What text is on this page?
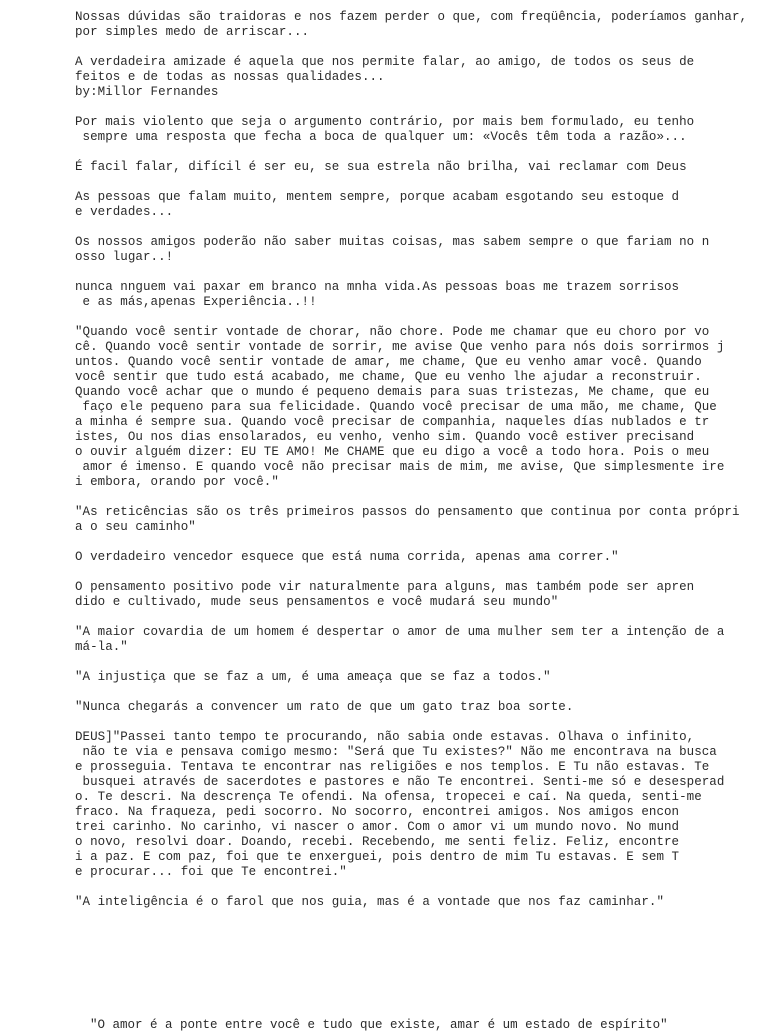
Nossas dúvidas são traidoras e nos fazem perder o que, com freqüência, poderíamos ganhar,
por simples medo de arriscar...
A verdadeira amizade é aquela que nos permite falar, ao amigo, de todos os seus de
feitos e de todas as nossas qualidades...
by:Millor Fernandes
Por mais violento que seja o argumento contrário, por mais bem formulado, eu tenho
sempre uma resposta que fecha a boca de qualquer um: «Vocês têm toda a razão»...
É facil falar, difícil é ser eu, se sua estrela não brilha, vai reclamar com Deus
As pessoas que falam muito, mentem sempre, porque acabam esgotando seu estoque d
e verdades...
Os nossos amigos poderão não saber muitas coisas, mas sabem sempre o que fariam no n
osso lugar..!
nunca nnguem vai paxar em branco na mnha vida.As pessoas boas me trazem sorrisos
e as más,apenas Experiência..!!
"Quando você sentir vontade de chorar, não chore. Pode me chamar que eu choro por vo
cê. Quando você sentir vontade de sorrir, me avise Que venho para nós dois sorrirmos j
untos. Quando você sentir vontade de amar, me chame, Que eu venho amar você. Quando
você sentir que tudo está acabado, me chame, Que eu venho lhe ajudar a reconstruir.
Quando você achar que o mundo é pequeno demais para suas tristezas, Me chame, que eu
faço ele pequeno para sua felicidade. Quando você precisar de uma mão, me chame, Que
a minha é sempre sua. Quando você precisar de companhia, naqueles días nublados e tr
istes, Ou nos dias ensolarados, eu venho, venho sim. Quando você estiver precisand
o ouvir alguém dizer: EU TE AMO! Me CHAME que eu digo a você a todo hora. Pois o meu
amor é imenso. E quando você não precisar mais de mim, me avise, Que simplesmente ire
i embora, orando por você."
"As reticências são os três primeiros passos do pensamento que continua por conta própri
a o seu caminho"
O verdadeiro vencedor esquece que está numa corrida, apenas ama correr."
O pensamento positivo pode vir naturalmente para alguns, mas também pode ser apren
dido e cultivado, mude seus pensamentos e você mudará seu mundo"
"A maior covardia de um homem é despertar o amor de uma mulher sem ter a intenção de a
má-la."
"A injustiça que se faz a um, é uma ameaça que se faz a todos."
"Nunca chegarás a convencer um rato de que um gato traz boa sorte.
DEUS]"Passei tanto tempo te procurando, não sabia onde estavas. Olhava o infinito,
não te via e pensava comigo mesmo: "Será que Tu existes?" Não me encontrava na busca
e prosseguia. Tentava te encontrar nas religiões e nos templos. E Tu não estavas. Te
busquei através de sacerdotes e pastores e não Te encontrei. Senti-me só e desesperad
o. Te descri. Na descrença Te ofendi. Na ofensa, tropecei e caí. Na queda, senti-me
fraco. Na fraqueza, pedi socorro. No socorro, encontrei amigos. Nos amigos encon
trei carinho. No carinho, vi nascer o amor. Com o amor vi um mundo novo. No mund
o novo, resolvi doar. Doando, recebi. Recebendo, me senti feliz. Feliz, encontre
i a paz. E com paz, foi que te enxerguei, pois dentro de mim Tu estavas. E sem T
e procurar... foi que Te encontrei."
"A inteligência é o farol que nos guia, mas é a vontade que nos faz caminhar."
"O amor é a ponte entre você e tudo que existe, amar é um estado de espírito"
